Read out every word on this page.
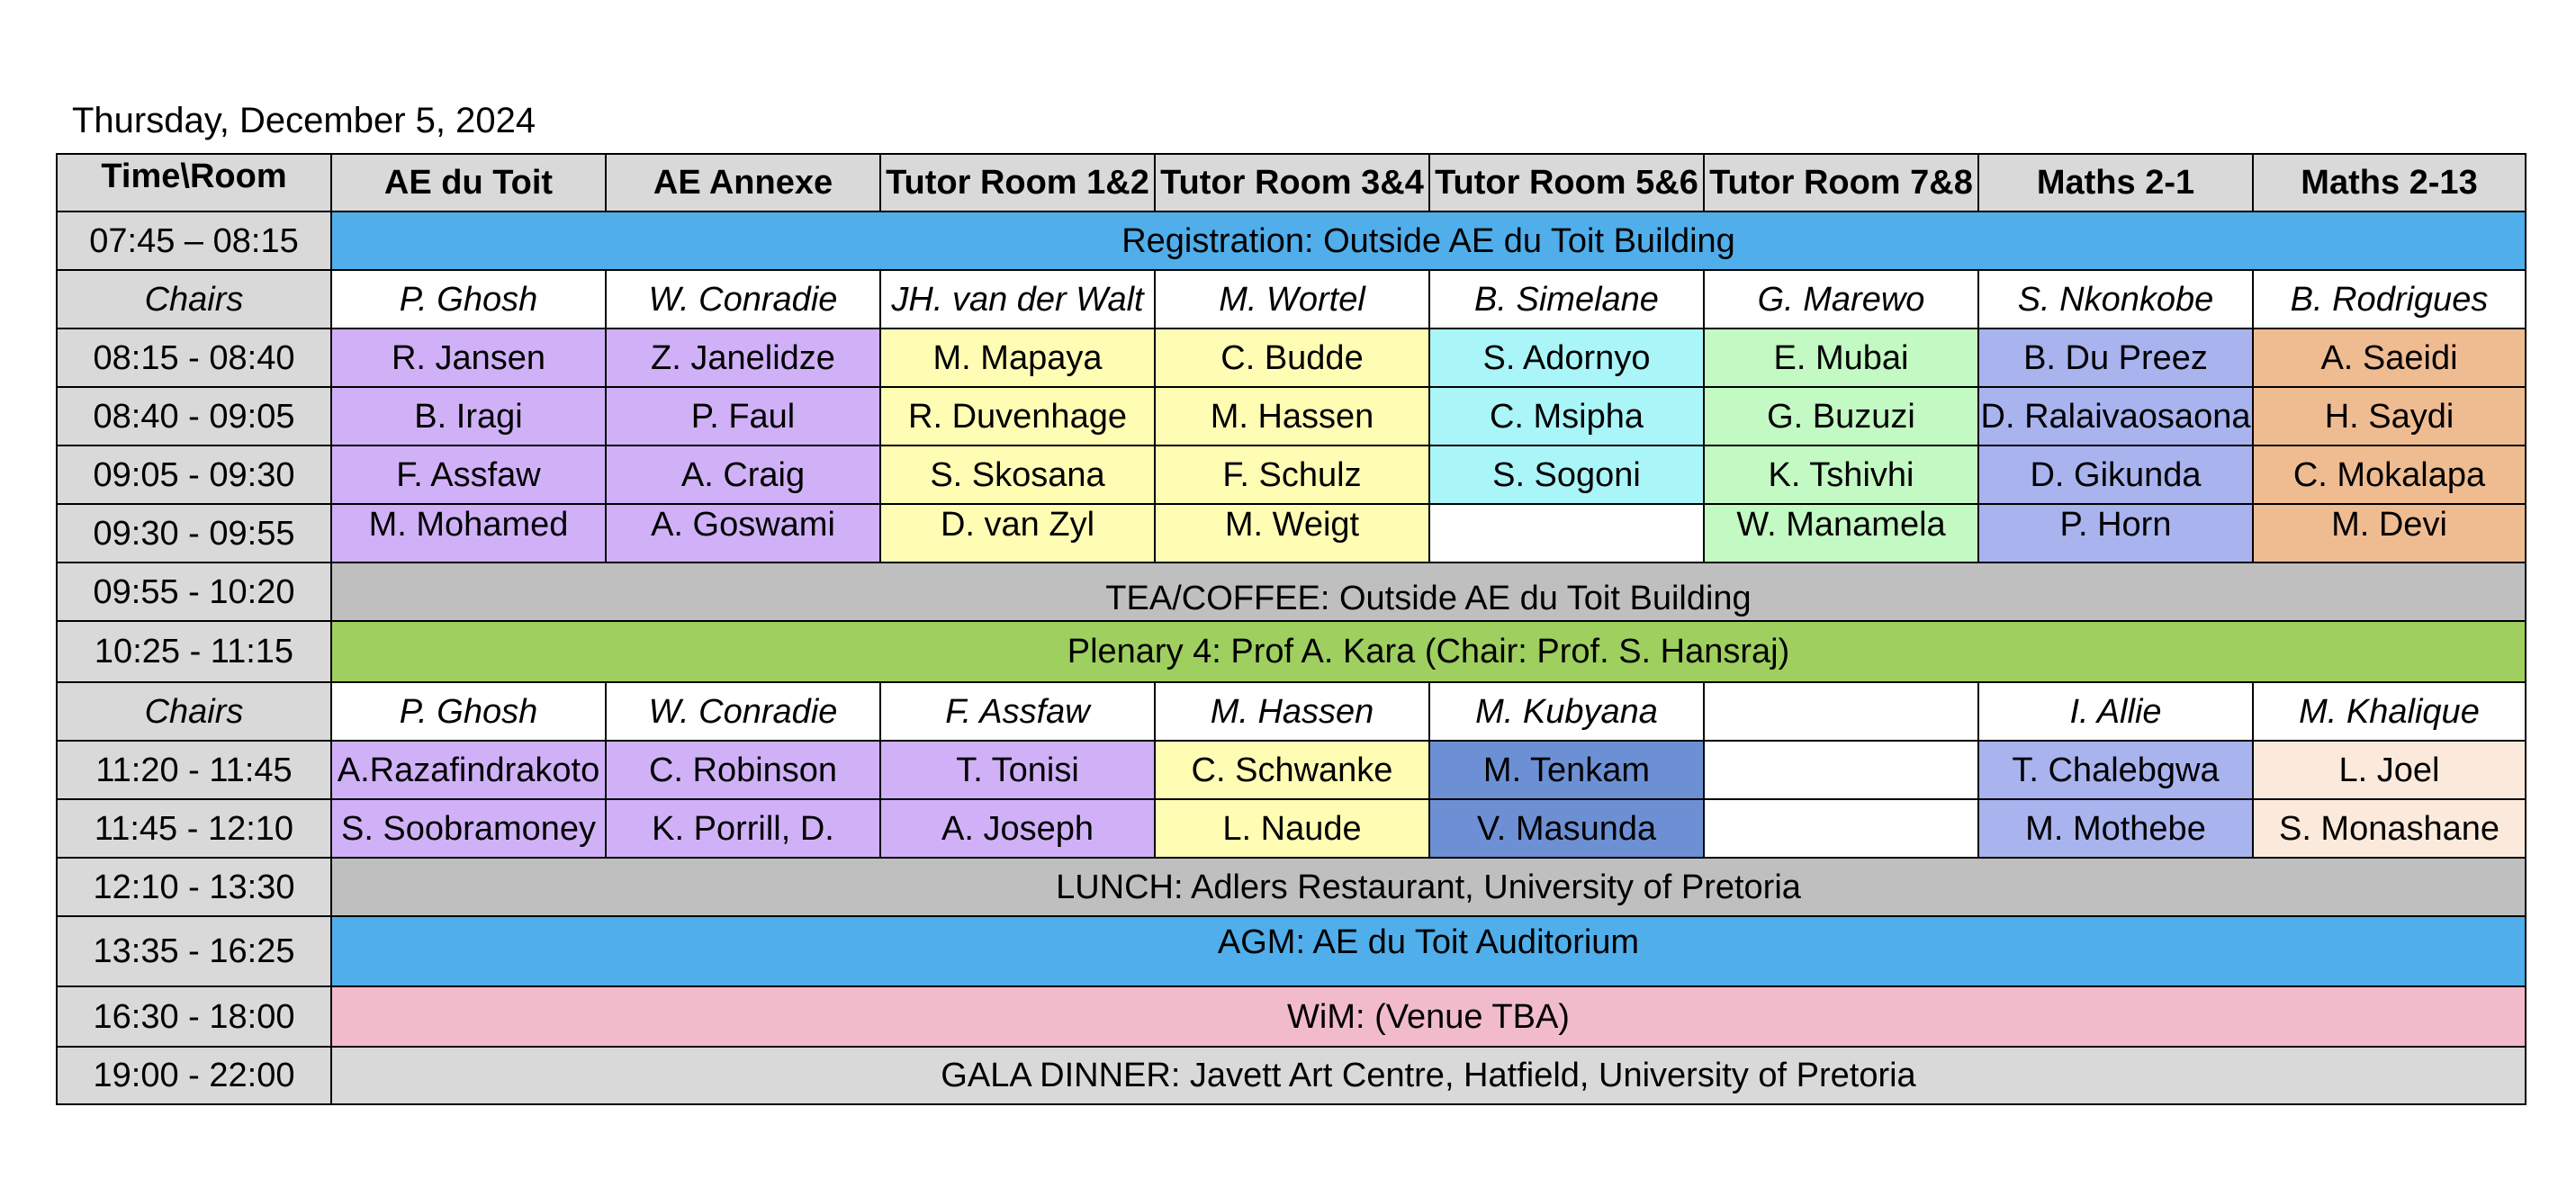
Thursday, December 5, 2024
Time\Room	AE du Toit	AE Annexe	Tutor Room 1&2	Tutor Room 3&4	Tutor Room 5&6	Tutor Room 7&8	Maths 2-1	Maths 2-13
07:45 – 08:15	Registration: Outside AE du Toit Building							
Chairs	P. Ghosh	W. Conradie	JH. van der Walt	M. Wortel	B. Simelane	G. Marewo	S. Nkonkobe	B. Rodrigues
08:15 - 08:40	R. Jansen	Z. Janelidze	M. Mapaya	C. Budde	S. Adornyo	E. Mubai	B. Du Preez	A. Saeidi
08:40 - 09:05	B. Iragi	P. Faul	R. Duvenhage	M. Hassen	C. Msipha	G. Buzuzi	D. Ralaivaosaona	H. Saydi
09:05 - 09:30	F. Assfaw	A. Craig	S. Skosana	F. Schulz	S. Sogoni	K. Tshivhi	D. Gikunda	C. Mokalapa
09:30 - 09:55	M. Mohamed	A. Goswami	D. van Zyl	M. Weigt		W. Manamela	P. Horn	M. Devi
09:55 - 10:20	TEA/COFFEE: Outside AE du Toit Building							
10:25 - 11:15	Plenary 4: Prof A. Kara (Chair: Prof. S. Hansraj)							
Chairs	P. Ghosh	W. Conradie	F. Assfaw	M. Hassen	M. Kubyana		I. Allie	M. Khalique
11:20 - 11:45	A.Razafindrakoto	C. Robinson	T. Tonisi	C. Schwanke	M. Tenkam		T. Chalebgwa	L. Joel
11:45 - 12:10	S. Soobramoney	K. Porrill, D.	A. Joseph	L. Naude	V. Masunda		M. Mothebe	S. Monashane
12:10 - 13:30	LUNCH: Adlers Restaurant, University of Pretoria							
13:35 - 16:25	AGM: AE du Toit Auditorium							
16:30 - 18:00	WiM: (Venue TBA)							
19:00 - 22:00	GALA DINNER: Javett Art Centre, Hatfield, University of Pretoria							
